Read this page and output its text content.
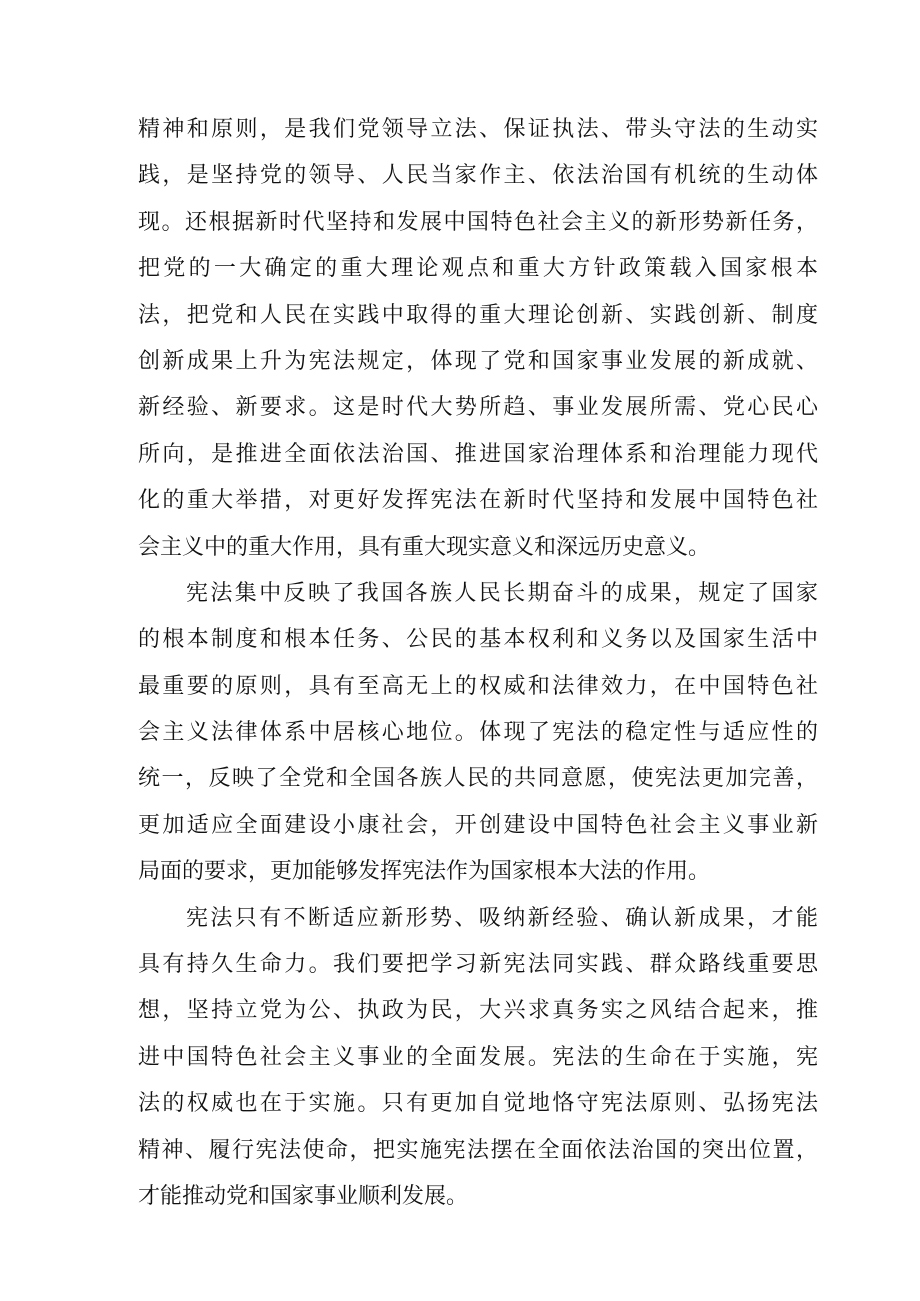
精神和原则，是我们党领导立法、保证执法、带头守法的生动实
践，是坚持党的领导、人民当家作主、依法治国有机统的生动体
现。还根据新时代坚持和发展中国特色社会主义的新形势新任务，
把党的一大确定的重大理论观点和重大方针政策载入国家根本
法，把党和人民在实践中取得的重大理论创新、实践创新、制度
创新成果上升为宪法规定，体现了党和国家事业发展的新成就、
新经验、新要求。这是时代大势所趋、事业发展所需、党心民心
所向，是推进全面依法治国、推进国家治理体系和治理能力现代
化的重大举措，对更好发挥宪法在新时代坚持和发展中国特色社
会主义中的重大作用，具有重大现实意义和深远历史意义。
宪法集中反映了我国各族人民长期奋斗的成果，规定了国家
的根本制度和根本任务、公民的基本权利和义务以及国家生活中
最重要的原则，具有至高无上的权威和法律效力，在中国特色社
会主义法律体系中居核心地位。体现了宪法的稳定性与适应性的
统一，反映了全党和全国各族人民的共同意愿，使宪法更加完善，
更加适应全面建设小康社会，开创建设中国特色社会主义事业新
局面的要求，更加能够发挥宪法作为国家根本大法的作用。
宪法只有不断适应新形势、吸纳新经验、确认新成果，才能
具有持久生命力。我们要把学习新宪法同实践、群众路线重要思
想，坚持立党为公、执政为民，大兴求真务实之风结合起来，推
进中国特色社会主义事业的全面发展。宪法的生命在于实施，宪
法的权威也在于实施。只有更加自觉地恪守宪法原则、弘扬宪法
精神、履行宪法使命，把实施宪法摆在全面依法治国的突出位置，
才能推动党和国家事业顺利发展。
